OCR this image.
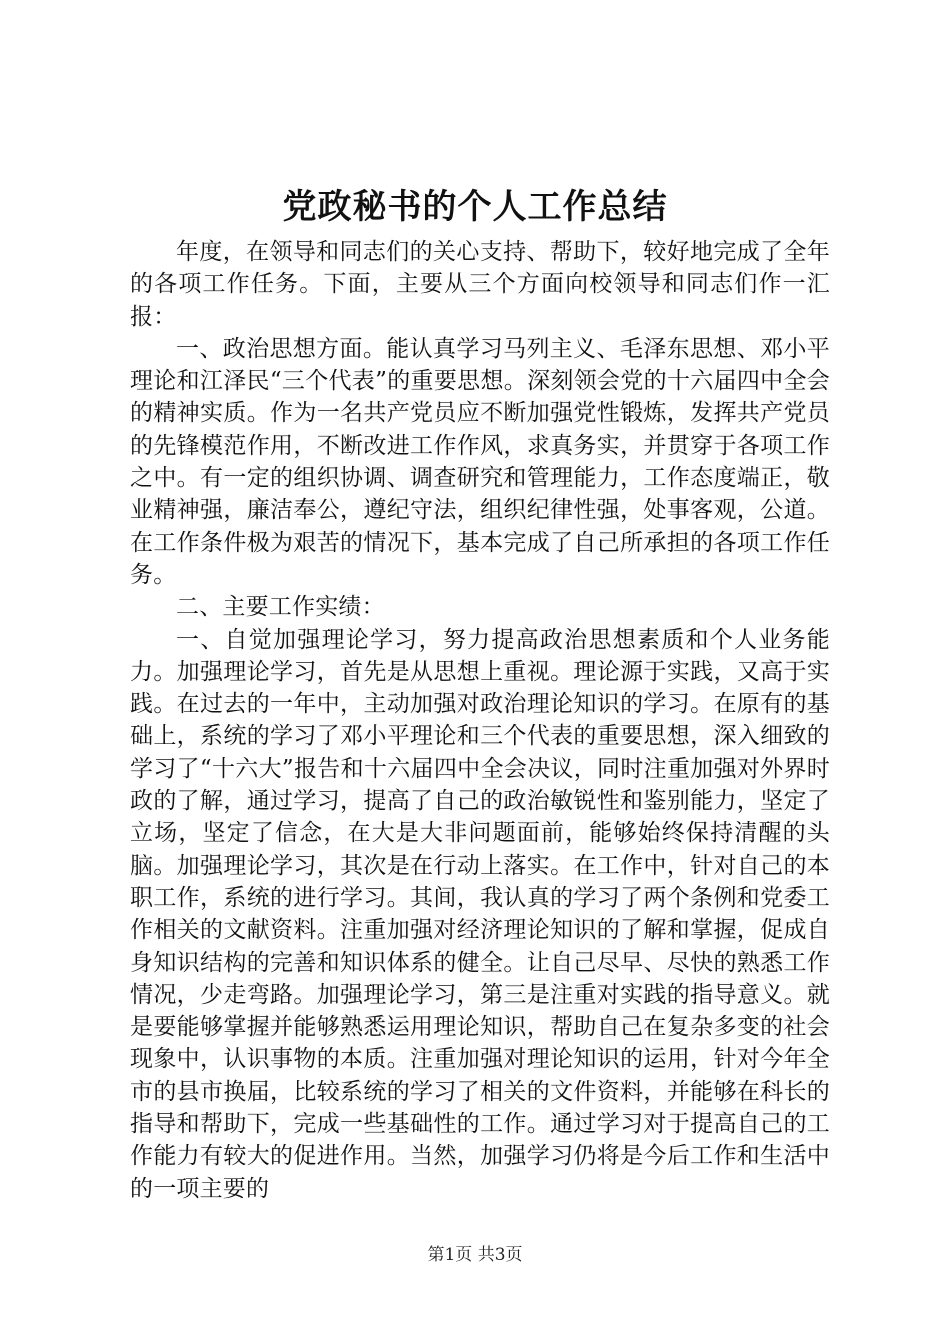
党政秘书的个人工作总结

年度，在领导和同志们的关心支持、帮助下，较好地完成了全年的各项工作任务。下面，主要从三个方面向校领导和同志们作一汇报：

一、政治思想方面。能认真学习马列主义、毛泽东思想、邓小平理论和江泽民“三个代表”的重要思想。深刻领会党的十六届四中全会的精神实质。作为一名共产党员应不断加强党性锻炼，发挥共产党员的先锋模范作用，不断改进工作作风，求真务实，并贯穿于各项工作之中。有一定的组织协调、调查研究和管理能力，工作态度端正，敬业精神强，廉洁奉公，遵纪守法，组织纪律性强，处事客观，公道。在工作条件极为艰苦的情况下，基本完成了自己所承担的各项工作任务。

二、主要工作实绩：

一、自觉加强理论学习，努力提高政治思想素质和个人业务能力。加强理论学习，首先是从思想上重视。理论源于实践，又高于实践。在过去的一年中，主动加强对政治理论知识的学习。在原有的基础上，系统的学习了邓小平理论和三个代表的重要思想，深入细致的学习了“十六大”报告和十六届四中全会决议，同时注重加强对外界时政的了解，通过学习，提高了自己的政治敏锐性和鉴别能力，坚定了立场，坚定了信念，在大是大非问题面前，能够始终保持清醒的头脑。加强理论学习，其次是在行动上落实。在工作中，针对自己的本职工作，系统的进行学习。其间，我认真的学习了两个条例和党委工作相关的文献资料。注重加强对经济理论知识的了解和掌握，促成自身知识结构的完善和知识体系的健全。让自己尽早、尽快的熟悉工作情况，少走弯路。加强理论学习，第三是注重对实践的指导意义。就是要能够掌握并能够熟悉运用理论知识，帮助自己在复杂多变的社会现象中，认识事物的本质。注重加强对理论知识的运用，针对今年全市的县市换届，比较系统的学习了相关的文件资料，并能够在科长的指导和帮助下，完成一些基础性的工作。通过学习对于提高自己的工作能力有较大的促进作用。当然，加强学习仍将是今后工作和生活中的一项主要的

第1页 共3页
